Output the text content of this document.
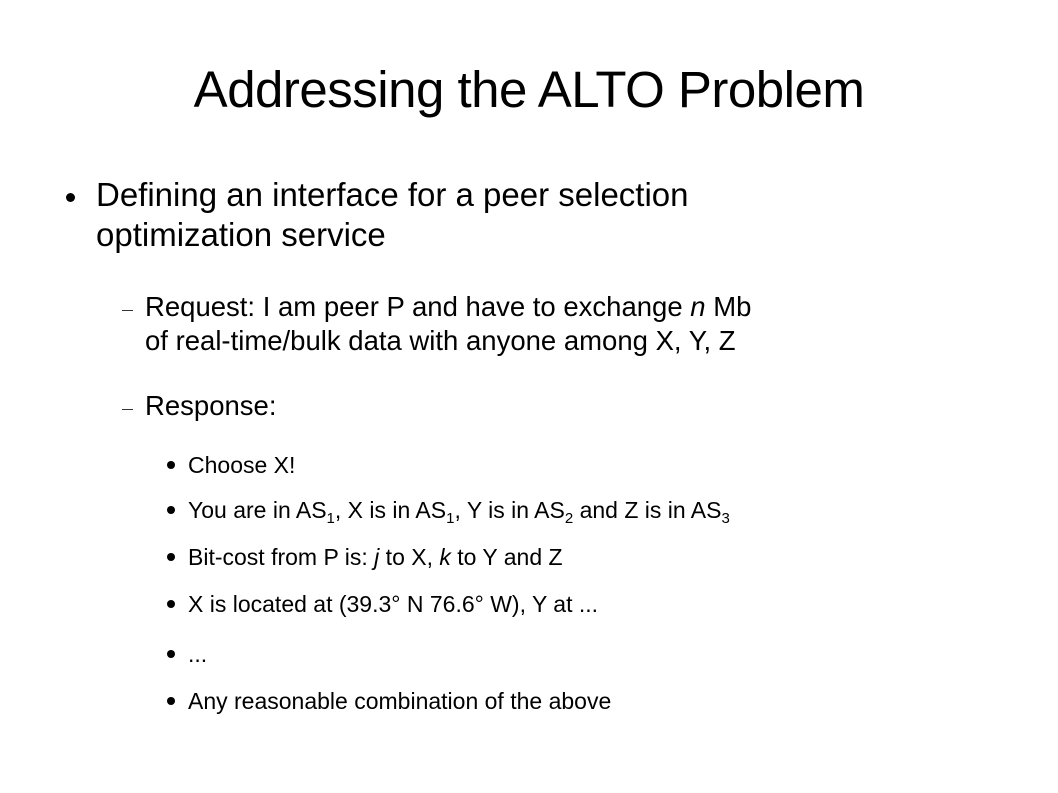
Addressing the ALTO Problem

Defining an interface for a peer selection
optimization service

Request: I am peer P and have to exchange n Mb
of real-time/bulk data with anyone among X, Y, Z

Response:

Choose X!

You are in $AS_1$, X is in $AS_1$, Y is in $AS_2$ and Z is in $AS_3$

Bit-cost from P is: j to X, k to Y and Z

X is located at (39.3° N 76.6° W), Y at ...

...

Any reasonable combination of the above
